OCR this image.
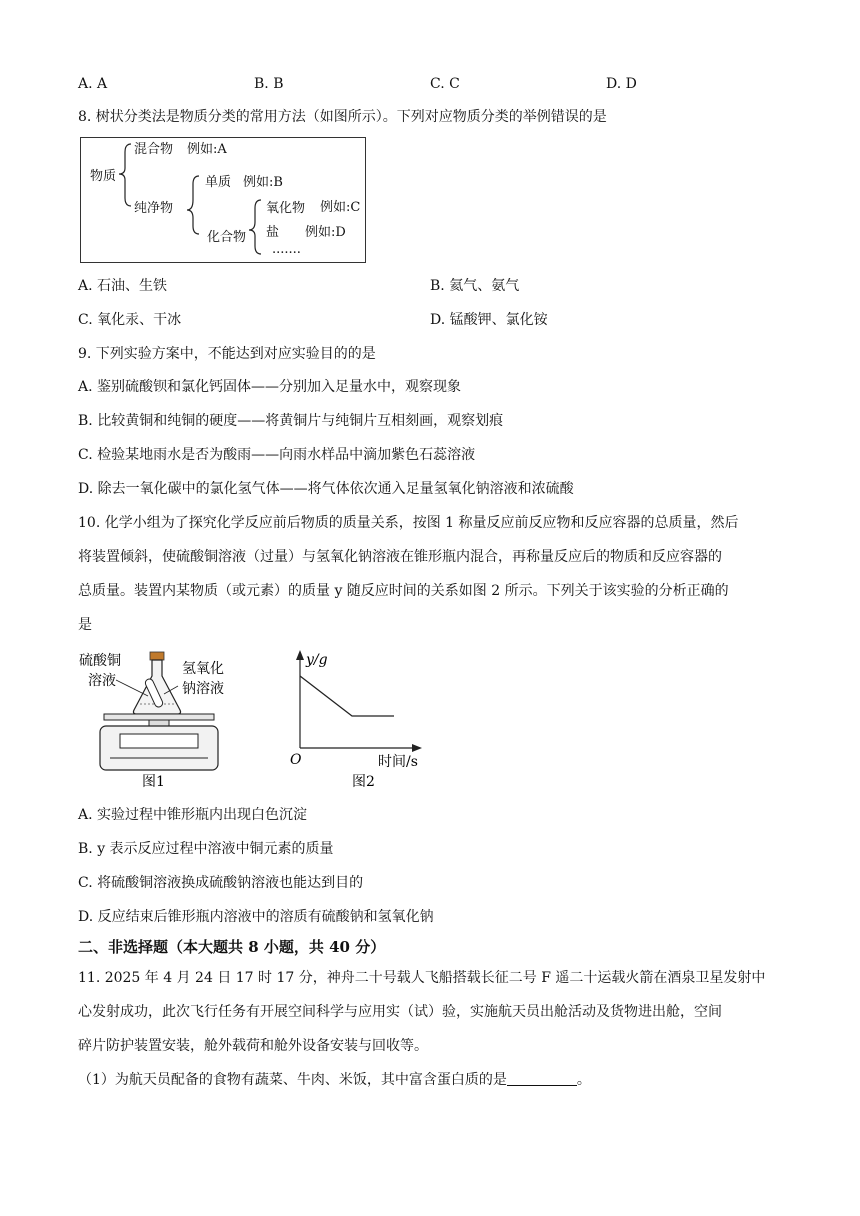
A. A	B. B	C. C	D. D
8. 树状分类法是物质分类的常用方法（如图所示）。下列对应物质分类的举例错误的是
物质
混合物 例如:A
纯净物
单质 例如:B
化合物
氧化物 例如:C
盐 例如:D
.......
A. 石油、生铁	B. 氦气、氨气
C. 氧化汞、干冰	D. 锰酸钾、氯化铵
9. 下列实验方案中，不能达到对应实验目的的是
A. 鉴别硫酸钡和氯化钙固体——分别加入足量水中，观察现象
B. 比较黄铜和纯铜的硬度——将黄铜片与纯铜片互相刻画，观察划痕
C. 检验某地雨水是否为酸雨——向雨水样品中滴加紫色石蕊溶液
D. 除去一氧化碳中的氯化氢气体——将气体依次通入足量氢氧化钠溶液和浓硫酸
10. 化学小组为了探究化学反应前后物质的质量关系，按图 1 称量反应前反应物和反应容器的总质量，然后
将装置倾斜，使硫酸铜溶液（过量）与氢氧化钠溶液在锥形瓶内混合，再称量反应后的物质和反应容器的
总质量。装置内某物质（或元素）的质量 y 随反应时间的关系如图 2 所示。下列关于该实验的分析正确的
是
硫酸铜
溶液
氢氧化
钠溶液
图1
y/g
时间/s
O
图2
A. 实验过程中锥形瓶内出现白色沉淀
B. y 表示反应过程中溶液中铜元素的质量
C. 将硫酸铜溶液换成硫酸钠溶液也能达到目的
D. 反应结束后锥形瓶内溶液中的溶质有硫酸钠和氢氧化钠
二、非选择题（本大题共 8 小题，共 40 分）
11. 2025 年 4 月 24 日 17 时 17 分，神舟二十号载人飞船搭载长征二号 F 遥二十运载火箭在酒泉卫星发射中
心发射成功，此次飞行任务有开展空间科学与应用实（试）验，实施航天员出舱活动及货物进出舱，空间
碎片防护装置安装，舱外载荷和舱外设备安装与回收等。
（1）为航天员配备的食物有蔬菜、牛肉、米饭，其中富含蛋白质的是	。
